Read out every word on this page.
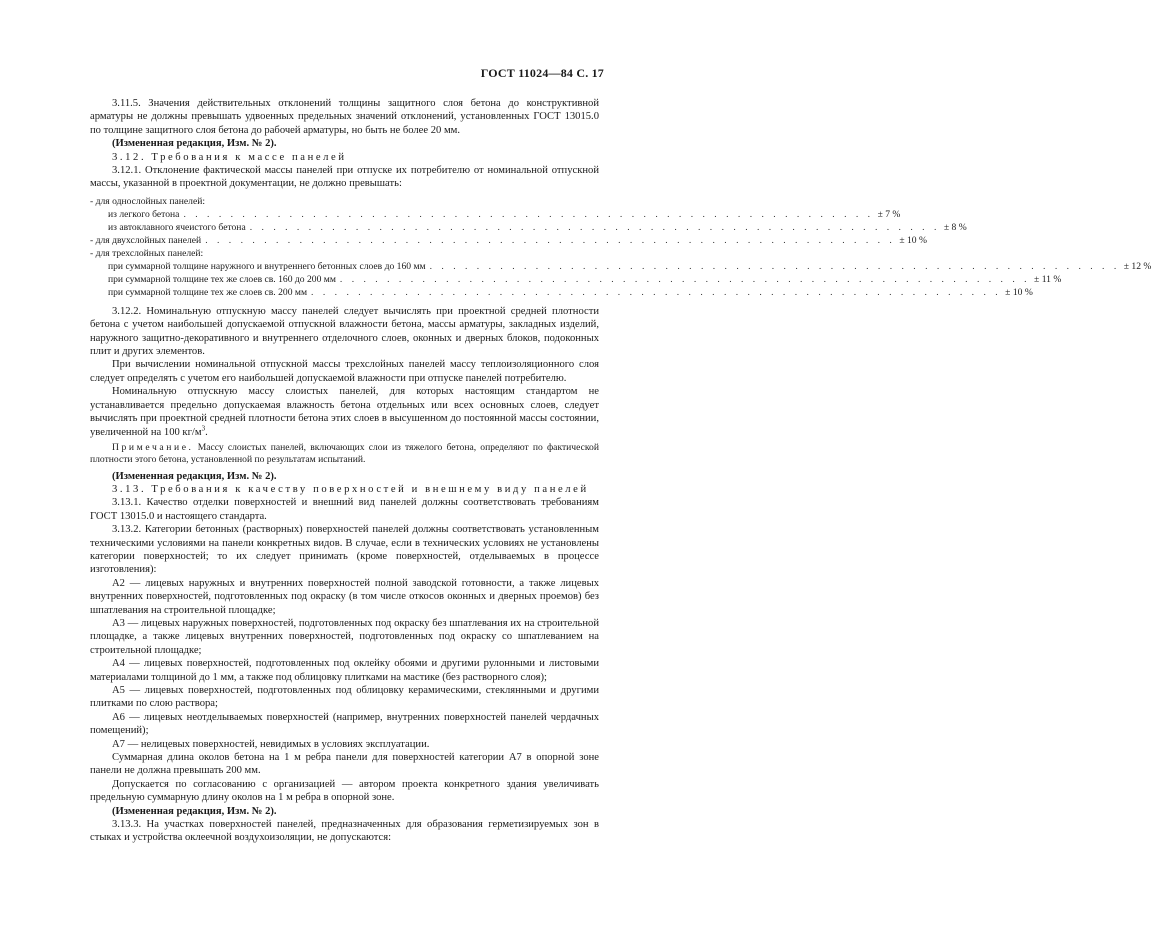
ГОСТ 11024—84 С. 17

3.11.5. Значения действительных отклонений толщины защитного слоя бетона до конструктивной арматуры не должны превышать удвоенных предельных значений отклонений, установленных ГОСТ 13015.0 по толщине защитного слоя бетона до рабочей арматуры, но быть не более 20 мм.

(Измененная редакция, Изм. № 2).

3.12. Требования к массе панелей

3.12.1. Отклонение фактической массы панелей при отпуске их потребителю от номинальной отпускной массы, указанной в проектной документации, не должно превышать:

- для однослойных панелей:
из легкого бетона . . . . . . . . . . . . . . . . . . . . . . . . . . . . . . . . . . . . . . . . . . . . . . . . . . . . . . . . . . . ± 7 %
из автоклавного ячеистого бетона . . . . . . . . . . . . . . . . . . . . . . . . . . . . . . . . . . . . . . . . . . . . . . . . . . . . . . . . . . . ± 8 %
- для двухслойных панелей . . . . . . . . . . . . . . . . . . . . . . . . . . . . . . . . . . . . . . . . . . . . . . . . . . . . . . . . . . . ± 10 %
- для трехслойных панелей:
при суммарной толщине наружного и внутреннего бетонных слоев до 160 мм . . . . . . . . . . . . . . . . . . . . . . . . . . . . . . . . . . . . . . . . . . . . . . . . . . . . . . . . . . . ± 12 %
при суммарной толщине тех же слоев св. 160 до 200 мм . . . . . . . . . . . . . . . . . . . . . . . . . . . . . . . . . . . . . . . . . . . . . . . . . . . . . . . . . . . ± 11 %
при суммарной толщине тех же слоев св. 200 мм . . . . . . . . . . . . . . . . . . . . . . . . . . . . . . . . . . . . . . . . . . . . . . . . . . . . . . . . . . . ± 10 %

3.12.2. Номинальную отпускную массу панелей следует вычислять при проектной средней плотности бетона с учетом наибольшей допускаемой отпускной влажности бетона, массы арматуры, закладных изделий, наружного защитно-декоративного и внутреннего отделочного слоев, оконных и дверных блоков, подоконных плит и других элементов.

При вычислении номинальной отпускной массы трехслойных панелей массу теплоизоляционного слоя следует определять с учетом его наибольшей допускаемой влажности при отпуске панелей потребителю.

Номинальную отпускную массу слоистых панелей, для которых настоящим стандартом не устанавливается предельно допускаемая влажность бетона отдельных или всех основных слоев, следует вычислять при проектной средней плотности бетона этих слоев в высушенном до постоянной массы состоянии, увеличенной на 100 $кг/м^3$.

Примечание. Массу слоистых панелей, включающих слои из тяжелого бетона, определяют по фактической плотности этого бетона, установленной по результатам испытаний.

(Измененная редакция, Изм. № 2).

3.13. Требования к качеству поверхностей и внешнему виду панелей

3.13.1. Качество отделки поверхностей и внешний вид панелей должны соответствовать требованиям ГОСТ 13015.0 и настоящего стандарта.

3.13.2. Категории бетонных (растворных) поверхностей панелей должны соответствовать установленным техническими условиями на панели конкретных видов. В случае, если в технических условиях не установлены категории поверхностей; то их следует принимать (кроме поверхностей, отделываемых в процессе изготовления):

А2 — лицевых наружных и внутренних поверхностей полной заводской готовности, а также лицевых внутренних поверхностей, подготовленных под окраску (в том числе откосов оконных и дверных проемов) без шпатлевания на строительной площадке;

А3 — лицевых наружных поверхностей, подготовленных под окраску без шпатлевания их на строительной площадке, а также лицевых внутренних поверхностей, подготовленных под окраску со шпатлеванием на строительной площадке;

А4 — лицевых поверхностей, подготовленных под оклейку обоями и другими рулонными и листовыми материалами толщиной до 1 мм, а также под облицовку плитками на мастике (без растворного слоя);

А5 — лицевых поверхностей, подготовленных под облицовку керамическими, стеклянными и другими плитками по слою раствора;

А6 — лицевых неотделываемых поверхностей (например, внутренних поверхностей панелей чердачных помещений);

А7 — нелицевых поверхностей, невидимых в условиях эксплуатации.

Суммарная длина околов бетона на 1 м ребра панели для поверхностей категории А7 в опорной зоне панели не должна превышать 200 мм.

Допускается по согласованию с организацией — автором проекта конкретного здания увеличивать предельную суммарную длину околов на 1 м ребра в опорной зоне.

(Измененная редакция, Изм. № 2).

3.13.3. На участках поверхностей панелей, предназначенных для образования герметизируемых зон в стыках и устройства оклеечной воздухоизоляции, не допускаются:
